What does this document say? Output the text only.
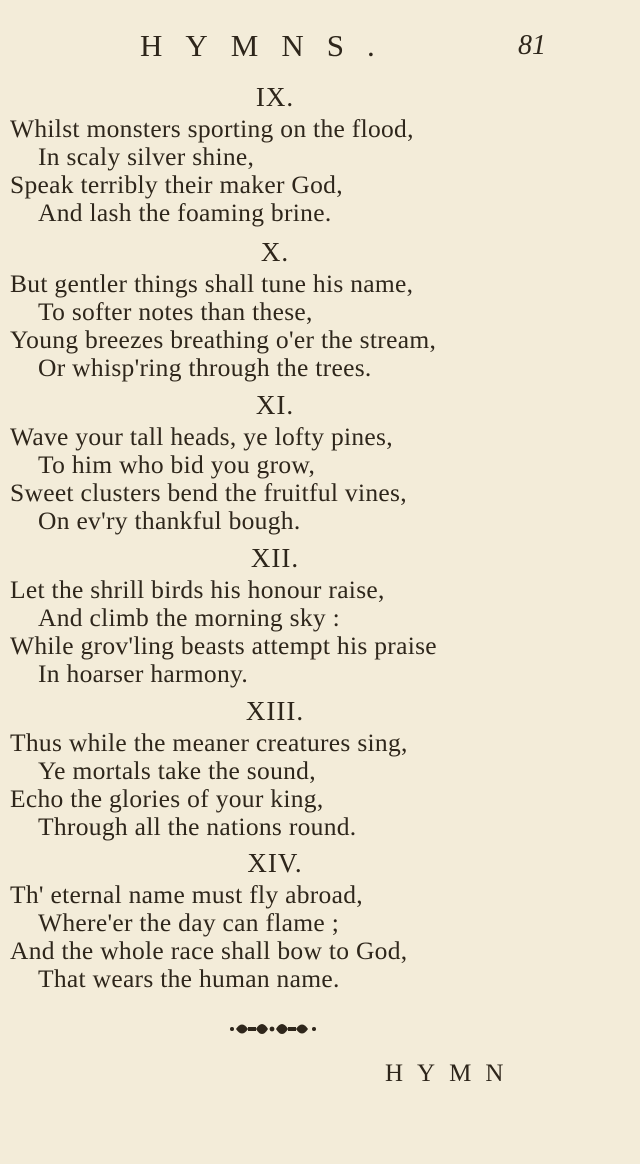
HYMNS.	81
IX.
Whilst monsters sporting on the flood,
In scaly silver shine,
Speak terribly their maker God,
And lash the foaming brine.
X.
But gentler things shall tune his name,
To softer notes than these,
Young breezes breathing o'er the stream,
Or whisp'ring through the trees.
XI.
Wave your tall heads, ye lofty pines,
To him who bid you grow,
Sweet clusters bend the fruitful vines,
On ev'ry thankful bough.
XII.
Let the shrill birds his honour raise,
And climb the morning sky :
While grov'ling beasts attempt his praise
In hoarser harmony.
XIII.
Thus while the meaner creatures sing,
Ye mortals take the sound,
Echo the glories of your king,
Through all the nations round.
XIV.
Th' eternal name must fly abroad,
Where'er the day can flame ;
And the whole race shall bow to God,
That wears the human name.
HYMN
